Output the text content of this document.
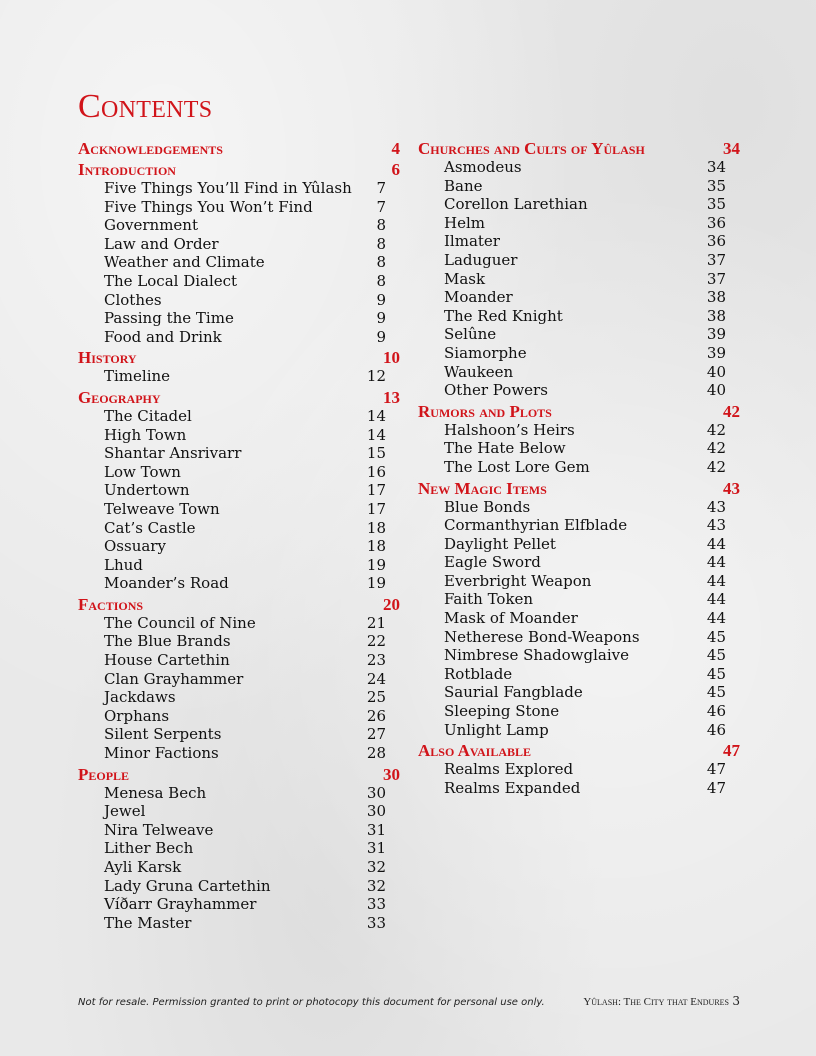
Contents
Acknowledgements	4
Introduction	6
Five Things You’ll Find in Yûlash	7
Five Things You Won’t Find	7
Government	8
Law and Order	8
Weather and Climate	8
The Local Dialect	8
Clothes	9
Passing the Time	9
Food and Drink	9
History	10
Timeline	12
Geography	13
The Citadel	14
High Town	14
Shantar Ansrivarr	15
Low Town	16
Undertown	17
Telweave Town	17
Cat’s Castle	18
Ossuary	18
Lhud	19
Moander’s Road	19
Factions	20
The Council of Nine	21
The Blue Brands	22
House Cartethin	23
Clan Grayhammer	24
Jackdaws	25
Orphans	26
Silent Serpents	27
Minor Factions	28
People	30
Menesa Bech	30
Jewel	30
Nira Telweave	31
Lither Bech	31
Ayli Karsk	32
Lady Gruna Cartethin	32
Víðarr Grayhammer	33
The Master	33
Churches and Cults of Yûlash	34
Asmodeus	34
Bane	35
Corellon Larethian	35
Helm	36
Ilmater	36
Laduguer	37
Mask	37
Moander	38
The Red Knight	38
Selûne	39
Siamorphe	39
Waukeen	40
Other Powers	40
Rumors and Plots	42
Halshoon’s Heirs	42
The Hate Below	42
The Lost Lore Gem	42
New Magic Items	43
Blue Bonds	43
Cormanthyrian Elfblade	43
Daylight Pellet	44
Eagle Sword	44
Everbright Weapon	44
Faith Token	44
Mask of Moander	44
Netherese Bond-Weapons	45
Nimbrese Shadowglaive	45
Rotblade	45
Saurial Fangblade	45
Sleeping Stone	46
Unlight Lamp	46
Also Available	47
Realms Explored	47
Realms Expanded	47
Not for resale. Permission granted to print or photocopy this document for personal use only.	Yûlash: The City that Endures 3
